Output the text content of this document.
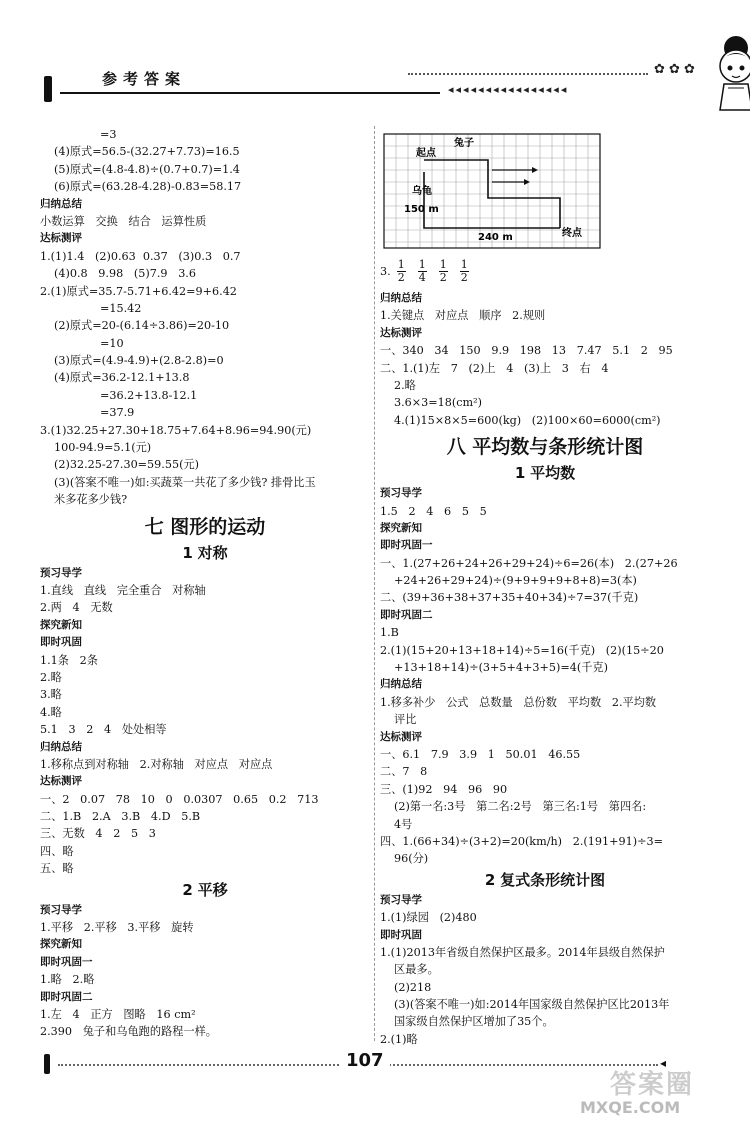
参考答案
◂◂◂◂◂◂◂◂◂◂◂◂◂◂◂◂
✿ ✿ ✿
=3
(4)原式=56.5-(32.27+7.73)=16.5
(5)原式=(4.8-4.8)÷(0.7+0.7)=1.4
(6)原式=(63.28-4.28)-0.83=58.17
归纳总结
小数运算   交换   结合   运算性质
达标测评
1.(1)1.4   (2)0.63  0.37   (3)0.3   0.7
(4)0.8   9.98   (5)7.9   3.6
2.(1)原式=35.7-5.71+6.42=9+6.42
=15.42
(2)原式=20-(6.14÷3.86)=20-10
=10
(3)原式=(4.9-4.9)+(2.8-2.8)=0
(4)原式=36.2-12.1+13.8
=36.2+13.8-12.1
=37.9
3.(1)32.25+27.30+18.75+7.64+8.96=94.90(元)
100-94.9=5.1(元)
(2)32.25-27.30=59.55(元)
(3)(答案不唯一)如:买蔬菜一共花了多少钱? 排骨比玉
米多花多少钱?
七 图形的运动
1 对称
预习导学
1.直线   直线   完全重合   对称轴
2.两   4   无数
探究新知
即时巩固
1.1条   2条
2.略
3.略
4.略
5.1   3   2   4   处处相等
归纳总结
1.移称点到对称轴   2.对称轴   对应点   对应点
达标测评
一、2   0.07   78   10   0   0.0307   0.65   0.2   713
二、1.B   2.A   3.B   4.D   5.B
三、无数   4   2   5   3
四、略
五、略
2 平移
预习导学
1.平移   2.平移   3.平移   旋转
探究新知
即时巩固一
1.略   2.略
即时巩固二
1.左   4   正方   图略   16 cm²
2.390   兔子和乌龟跑的路程一样。
兔子
起点
乌龟
150 m
240 m	终点
3. $\frac{1}{2} \frac{1}{4} \frac{1}{2} \frac{1}{2}$
归纳总结
1.关键点   对应点   顺序   2.规则
达标测评
一、340   34   150   9.9   198   13   7.47   5.1   2   95
二、1.(1)左   7   (2)上   4   (3)上   3   右   4
2.略
3.6×3=18(cm²)
4.(1)15×8×5=600(kg)   (2)100×60=6000(cm²)
八 平均数与条形统计图
1 平均数
预习导学
1.5   2   4   6   5   5
探究新知
即时巩固一
一、1.(27+26+24+26+29+24)÷6=26(本)   2.(27+26
+24+26+29+24)÷(9+9+9+9+8+8)=3(本)
二、(39+36+38+37+35+40+34)÷7=37(千克)
即时巩固二
1.B
2.(1)(15+20+13+18+14)÷5=16(千克)   (2)(15÷20
+13+18+14)÷(3+5+4+3+5)=4(千克)
归纳总结
1.移多补少   公式   总数量   总份数   平均数   2.平均数
评比
达标测评
一、6.1   7.9   3.9   1   50.01   46.55
二、7   8
三、(1)92   94   96   90
(2)第一名:3号   第二名:2号   第三名:1号   第四名:
4号
四、1.(66+34)÷(3+2)=20(km/h)   2.(191+91)÷3=
96(分)
2 复式条形统计图
预习导学
1.(1)绿园   (2)480
即时巩固
1.(1)2013年省级自然保护区最多。2014年县级自然保护
区最多。
(2)218
(3)(答案不唯一)如:2014年国家级自然保护区比2013年
国家级自然保护区增加了35个。
2.(1)略
107	◂
答案圈
MXQE.COM
